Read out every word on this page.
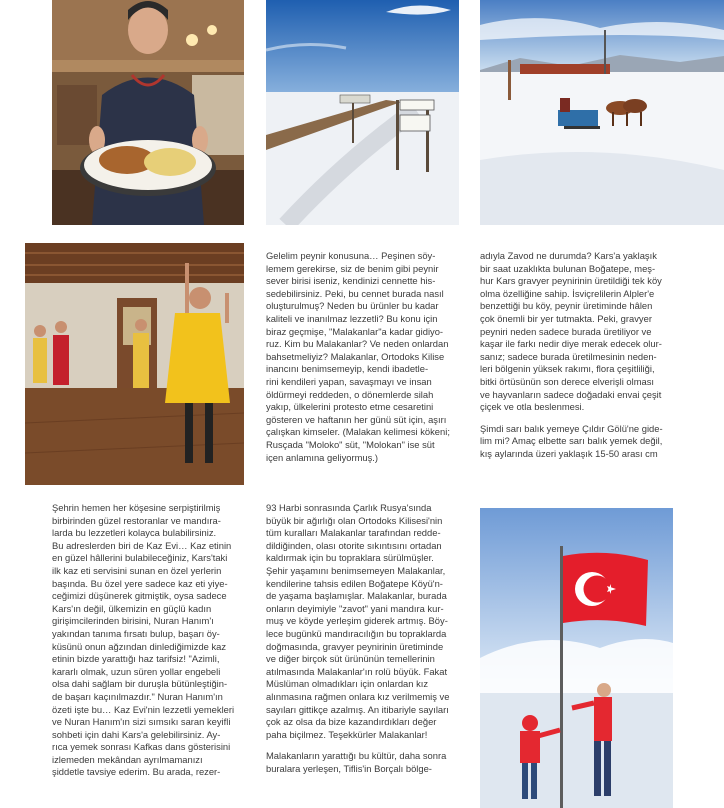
Gelelim peynir konusuna… Peşinen söy-
lemem gerekirse, siz de benim gibi peynir
sever birisi iseniz, kendinizi cennette his-
sedebilirsiniz. Peki, bu cennet burada nasıl
oluşturulmuş? Neden bu ürünler bu kadar
kaliteli ve inanılmaz lezzetli? Bu konu için
biraz geçmişe, "Malakanlar"a kadar gidiyo-
ruz. Kim bu Malakanlar? Ve neden onlardan
bahsetmeliyiz? Malakanlar, Ortodoks Kilise
inancını benimsemeyip, kendi ibadetle-
rini kendileri yapan, savaşmayı ve insan
öldürmeyi reddeden, o dönemlerde silah
yakıp, ülkelerini protesto etme cesaretini
gösteren ve haftanın her günü süt için, aşırı
çalışkan kimseler. (Malakan kelimesi kökeni;
Rusçada "Moloko" süt, "Molokan" ise süt
içen anlamına geliyormuş.)

adıyla Zavod ne durumda? Kars'a yaklaşık
bir saat uzaklıkta bulunan Boğatepe, meş-
hur Kars gravyer peynirinin üretildiği tek köy
olma özelliğine sahip. İsviçrelilerin Alpler'e
benzettiği bu köy, peynir üretiminde hâlen
çok önemli bir yer tutmakta. Peki, gravyer
peyniri neden sadece burada üretiliyor ve
kaşar ile farkı nedir diye merak edecek olur-
sanız; sadece burada üretilmesinin neden-
leri bölgenin yüksek rakımı, flora çeşitliliği,
bitki örtüsünün son derece elverişli olması
ve hayvanların sadece doğadaki envai çeşit
çiçek ve otla beslenmesi.

Şimdi sarı balık yemeye Çıldır Gölü'ne gide-
lim mi? Amaç elbette sarı balık yemek değil,
kış aylarında üzeri yaklaşık 15-50 arası cm

Şehrin hemen her köşesine serpiştirilmiş
birbirinden güzel restoranlar ve mandıra-
larda bu lezzetleri kolayca bulabilirsiniz.
Bu adreslerden biri de Kaz Evi… Kaz etinin
en güzel hâllerini bulabileceğiniz, Kars'taki
ilk kaz eti servisini sunan en özel yerlerin
başında. Bu özel yere sadece kaz eti yiye-
ceğimizi düşünerek gitmiştik, oysa sadece
Kars'ın değil, ülkemizin en güçlü kadın
girişimcilerinden birisini, Nuran Hanım'ı
yakından tanıma fırsatı bulup, başarı öy-
küsünü onun ağzından dinlediğimizde kaz
etinin bizde yarattığı haz tarifsiz! "Azimli,
kararlı olmak, uzun süren yollar engebeli
olsa dahi sağlam bir duruşla bütünleştiğin-
de başarı kaçınılmazdır." Nuran Hanım'ın
özeti işte bu… Kaz Evi'nin lezzetli yemekleri
ve Nuran Hanım'ın sizi sımsıkı saran keyifli
sohbeti için dahi Kars'a gelebilirsiniz. Ay-
rıca yemek sonrası Kafkas dans gösterisini
izlemeden mekândan ayrılmamanızı
şiddetle tavsiye ederim. Bu arada, rezer-

93 Harbi sonrasında Çarlık Rusya'sında
büyük bir ağırlığı olan Ortodoks Kilisesi'nin
tüm kuralları Malakanlar tarafından redde-
dildiğinden, olası otorite sıkıntısını ortadan
kaldırmak için bu topraklara sürülmüşler.
Şehir yaşamını benimsemeyen Malakanlar,
kendilerine tahsis edilen Boğatepe Köyü'n-
de yaşama başlamışlar. Malakanlar, burada
onların deyimiyle "zavot" yani mandıra kur-
muş ve köyde yerleşim giderek artmış. Böy-
lece bugünkü mandıracılığın bu topraklarda
doğmasında, gravyer peynirinin üretiminde
ve diğer birçok süt ürününün temellerinin
atılmasında Malakanlar'ın rolü büyük. Fakat
Müslüman olmadıkları için onlardan kız
alınmasına rağmen onlara kız verilmemiş ve
sayıları gittikçe azalmış. An itibariyle sayıları
çok az olsa da bize kazandırdıkları değer
paha biçilmez. Teşekkürler Malakanlar!

Malakanların yarattığı bu kültür, daha sonra
buralara yerleşen, Tiflis'in Borçalı bölge-
